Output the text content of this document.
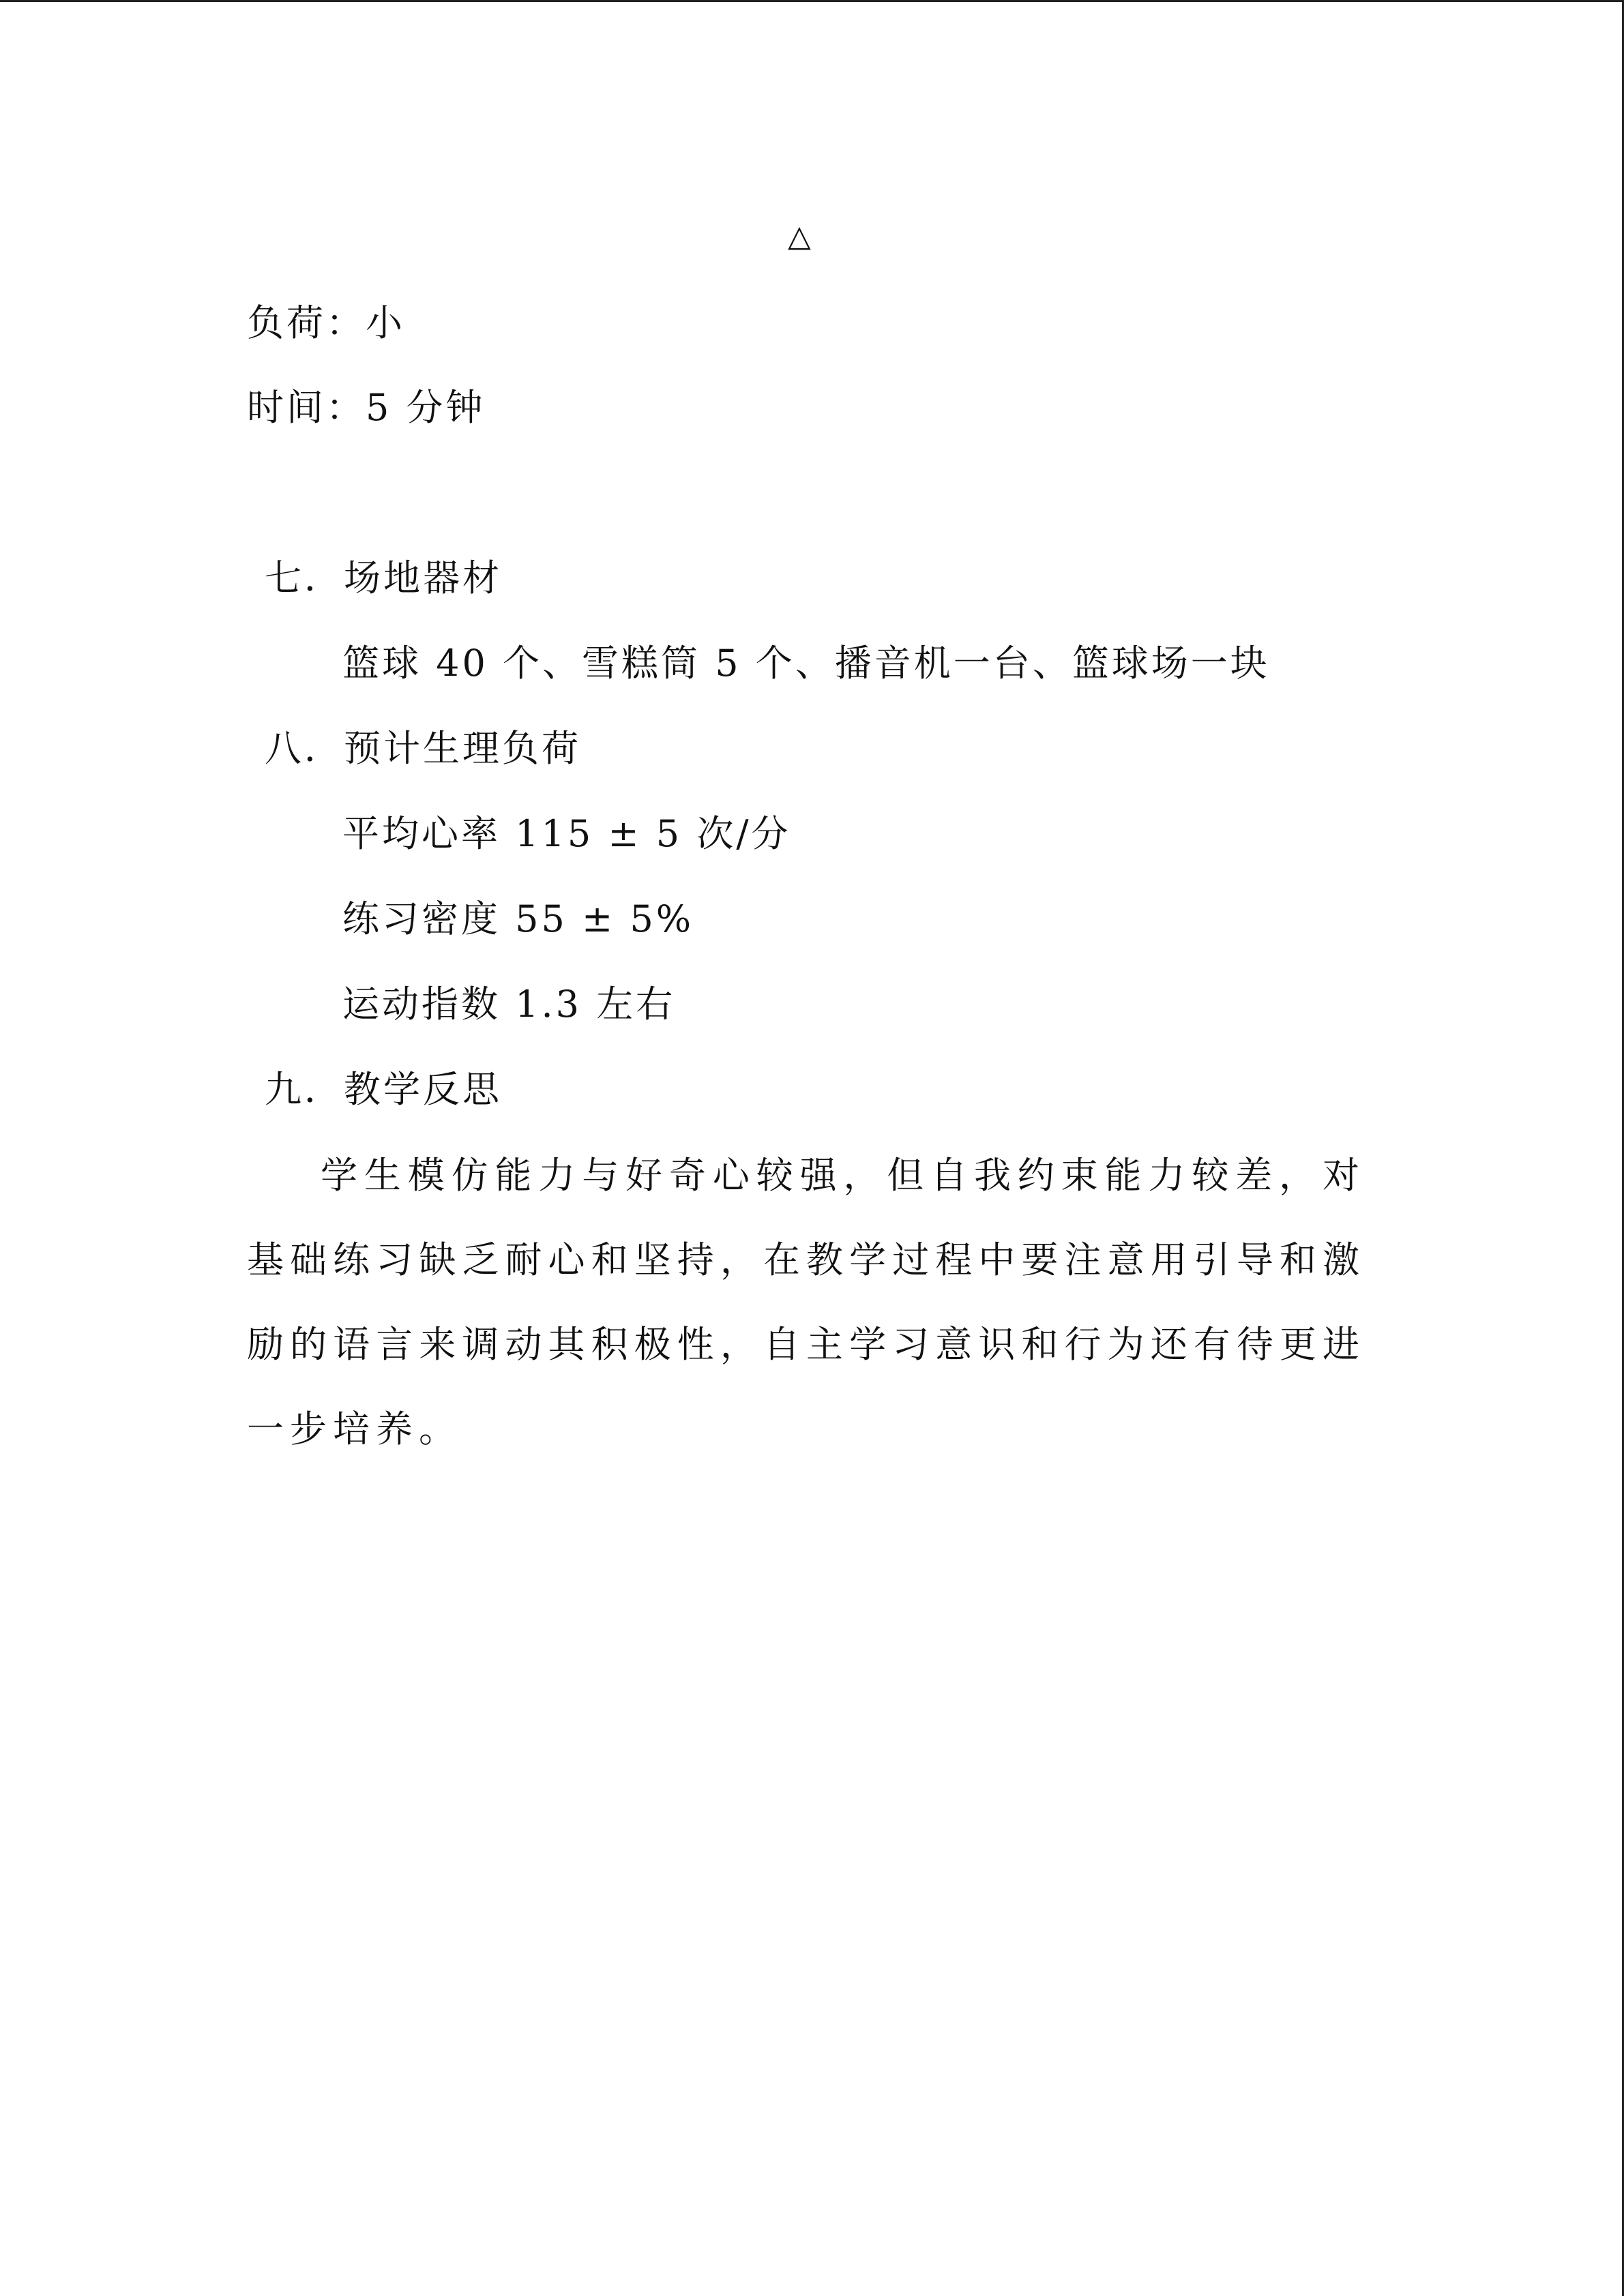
△
负荷：小
时间：5 分钟
七．场地器材
篮球 40 个、雪糕筒 5 个、播音机一台、篮球场一块
八．预计生理负荷
平均心率 115 ± 5 次/分
练习密度 55 ± 5%
运动指数 1.3 左右
九．教学反思
学生模仿能力与好奇心较强，但自我约束能力较差，对基础练习缺乏耐心和坚持，在教学过程中要注意用引导和激励的语言来调动其积极性，自主学习意识和行为还有待更进一步培养。
